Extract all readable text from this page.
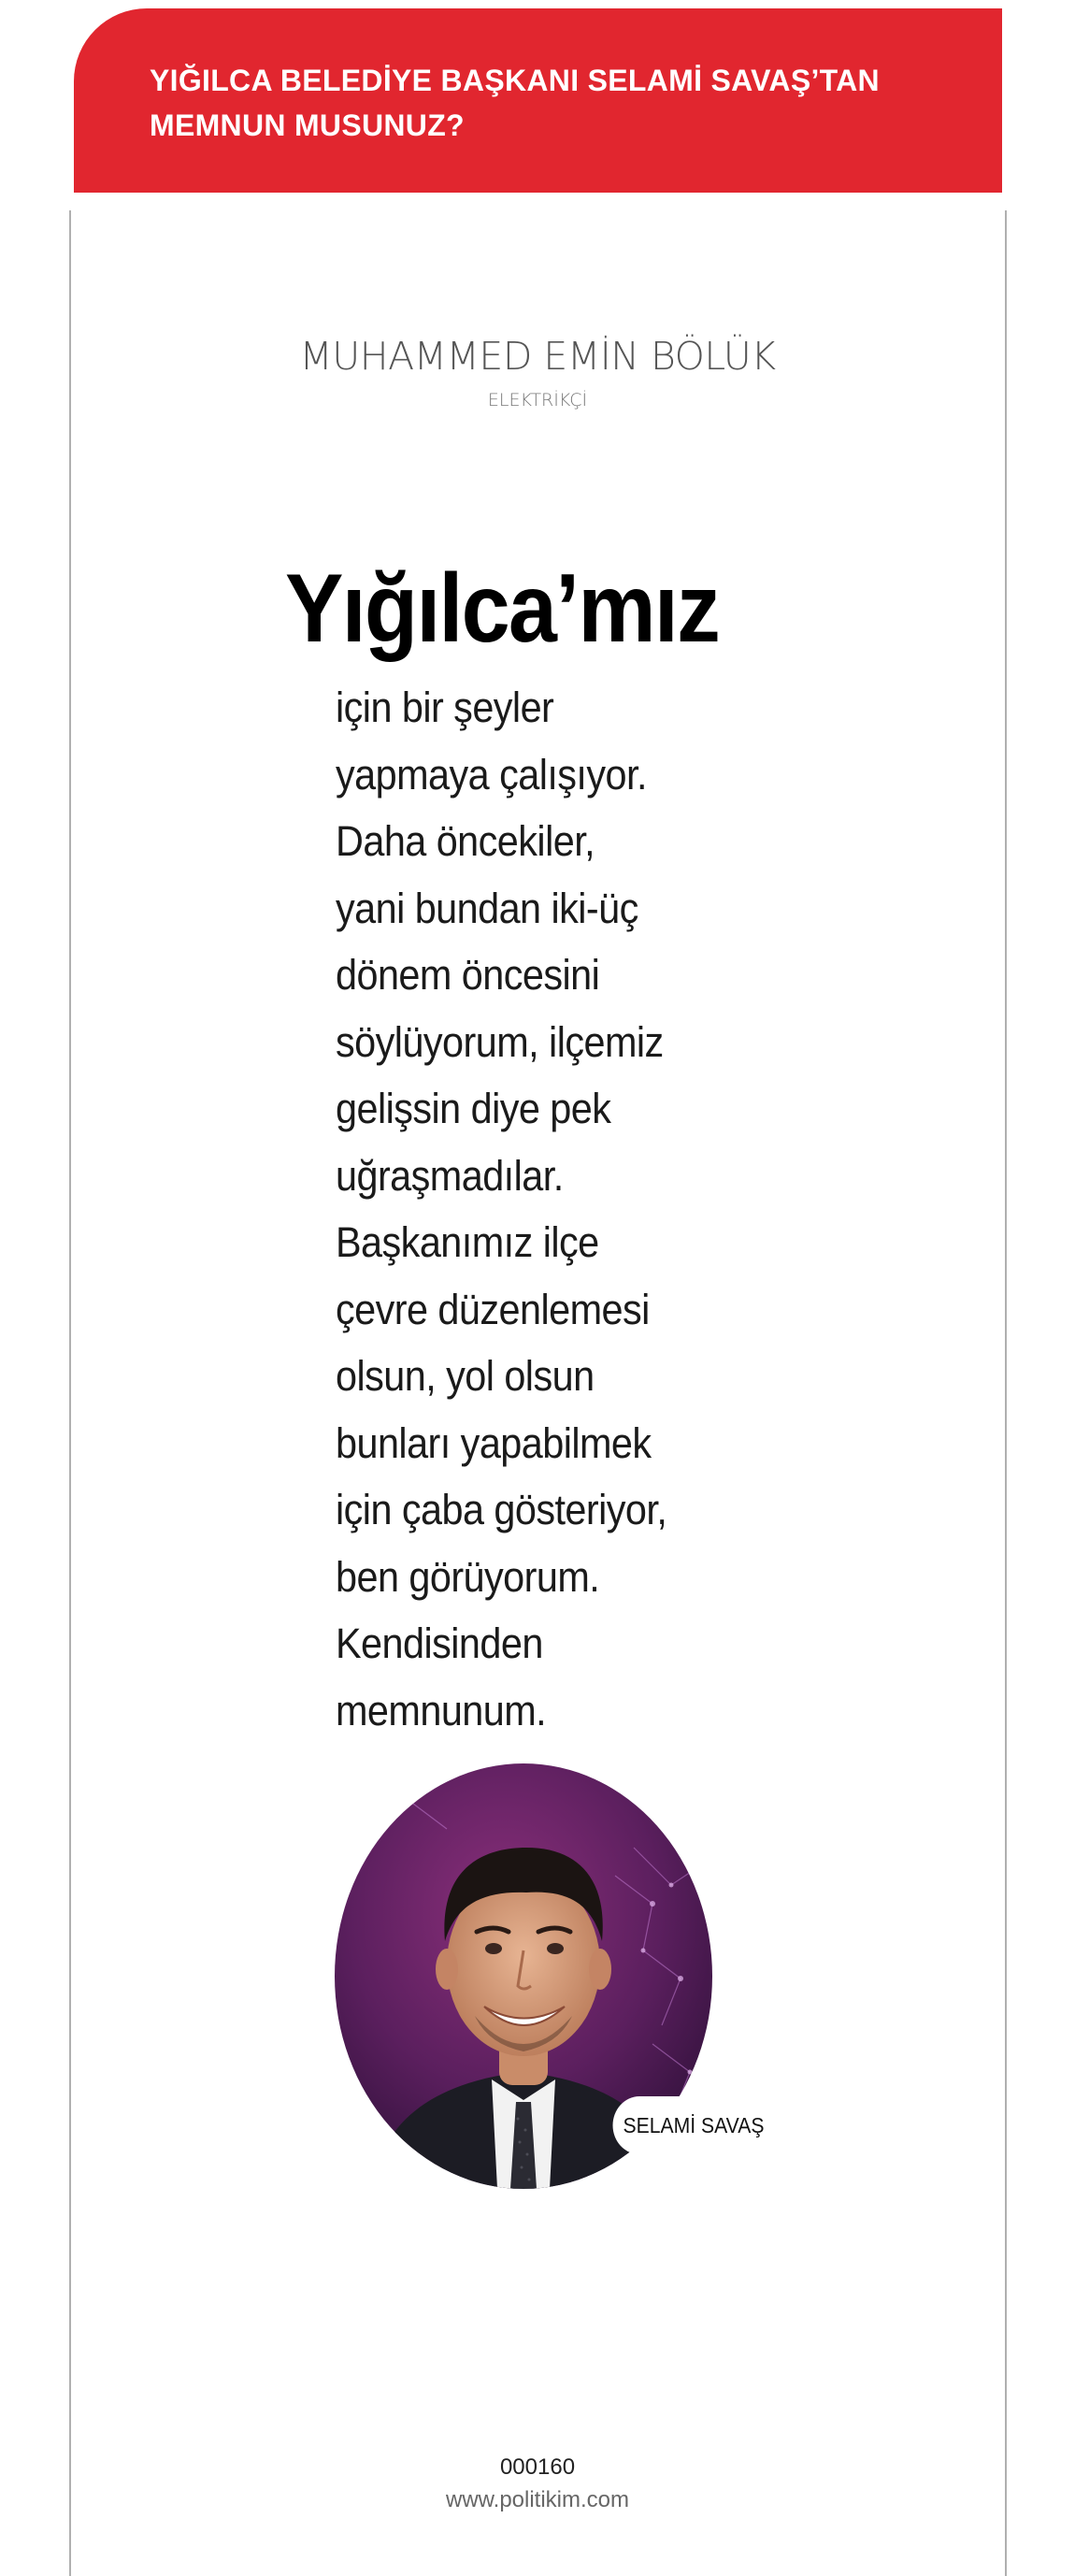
YIĞILCA BELEDİYE BAŞKANI SELAMİ SAVAŞ’TAN
MEMNUN MUSUNUZ?

MUHAMMED EMİN BÖLÜK

ELEKTRİKÇİ

Yığılca’mız

için bir şeyler
yapmaya çalışıyor.
Daha öncekiler,
yani bundan iki-üç
dönem öncesini
söylüyorum, ilçemiz
gelişsin diye pek
uğraşmadılar.
Başkanımız ilçe
çevre düzenlemesi
olsun, yol olsun
bunları yapabilmek
için çaba gösteriyor,
ben görüyorum.
Kendisinden
memnunum.

SELAMİ SAVAŞ

000160

www.politikim.com
